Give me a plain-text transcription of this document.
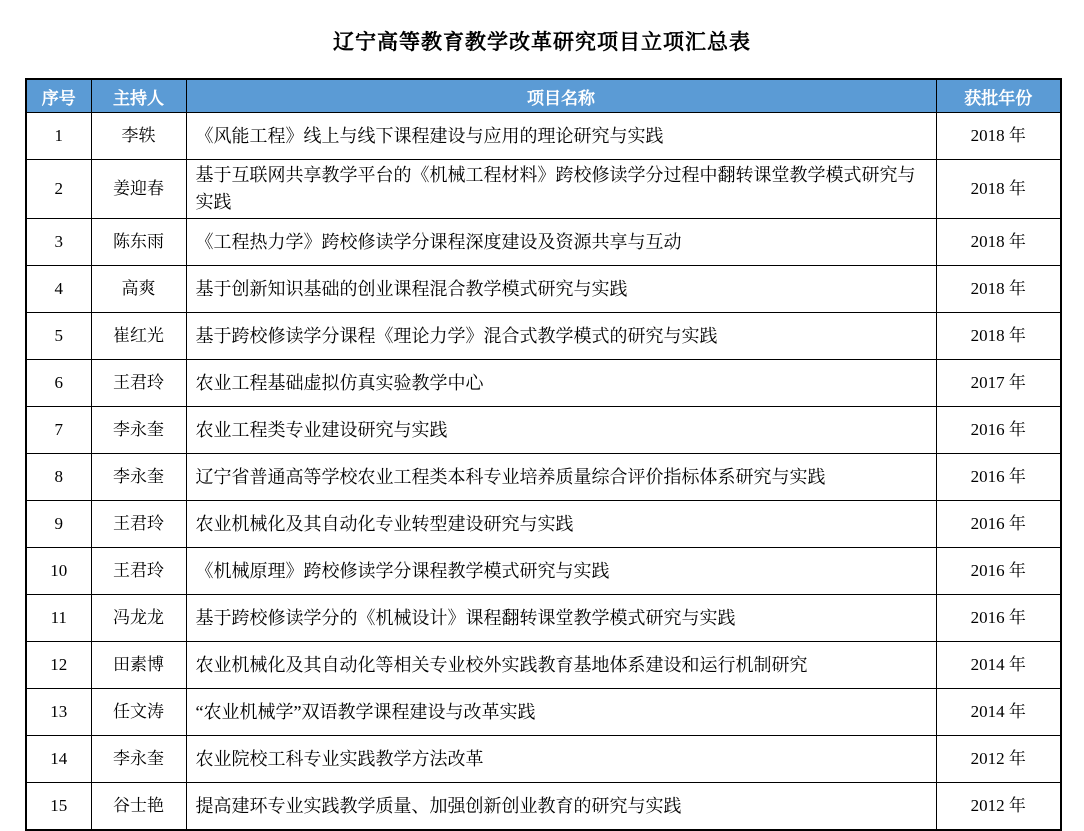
辽宁高等教育教学改革研究项目立项汇总表
序号	主持人	项目名称	获批年份
1	李轶	《风能工程》线上与线下课程建设与应用的理论研究与实践	2018 年
2	姜迎春	基于互联网共享教学平台的《机械工程材料》跨校修读学分过程中翻转课堂教学模式研究与实践	2018 年
3	陈东雨	《工程热力学》跨校修读学分课程深度建设及资源共享与互动	2018 年
4	高爽	基于创新知识基础的创业课程混合教学模式研究与实践	2018 年
5	崔红光	基于跨校修读学分课程《理论力学》混合式教学模式的研究与实践	2018 年
6	王君玲	农业工程基础虚拟仿真实验教学中心	2017 年
7	李永奎	农业工程类专业建设研究与实践	2016 年
8	李永奎	辽宁省普通高等学校农业工程类本科专业培养质量综合评价指标体系研究与实践	2016 年
9	王君玲	农业机械化及其自动化专业转型建设研究与实践	2016 年
10	王君玲	《机械原理》跨校修读学分课程教学模式研究与实践	2016 年
11	冯龙龙	基于跨校修读学分的《机械设计》课程翻转课堂教学模式研究与实践	2016 年
12	田素博	农业机械化及其自动化等相关专业校外实践教育基地体系建设和运行机制研究	2014 年
13	任文涛	“农业机械学”双语教学课程建设与改革实践	2014 年
14	李永奎	农业院校工科专业实践教学方法改革	2012 年
15	谷士艳	提高建环专业实践教学质量、加强创新创业教育的研究与实践	2012 年
